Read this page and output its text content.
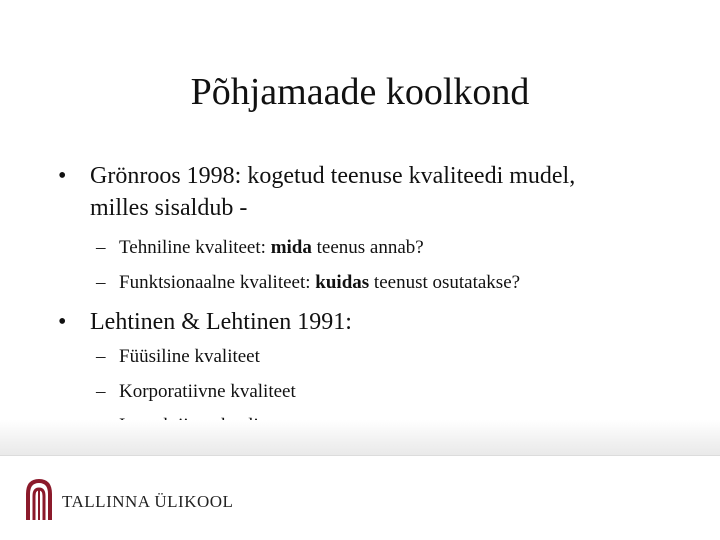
Põhjamaade koolkond
• Grönroos 1998: kogetud teenuse kvaliteedi mudel,
milles sisaldub -
– Tehniline kvaliteet: mida teenus annab?
– Funktsionaalne kvaliteet: kuidas teenust osutatakse?
• Lehtinen & Lehtinen 1991:
– Füüsiline kvaliteet
– Korporatiivne kvaliteet
TALLINNA ÜLIKOOL
